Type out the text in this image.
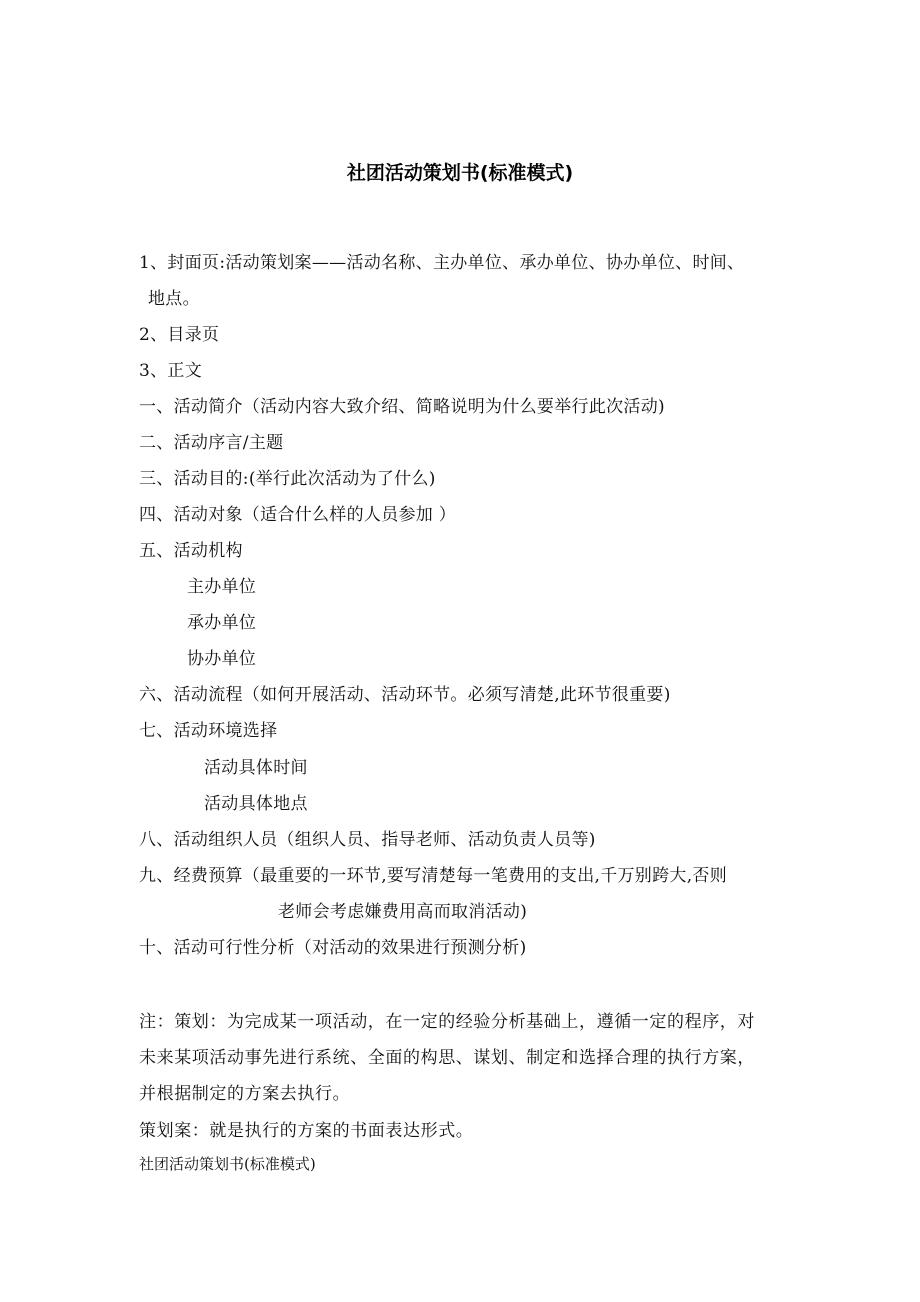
社团活动策划书(标准模式)
1、封面页:活动策划案——活动名称、主办单位、承办单位、协办单位、时间、
地点。
2、目录页
3、正文
一、活动简介（活动内容大致介绍、简略说明为什么要举行此次活动)
二、活动序言/主题
三、活动目的:(举行此次活动为了什么)
四、活动对象（适合什么样的人员参加 ）
五、活动机构
主办单位
承办单位
协办单位
六、活动流程（如何开展活动、活动环节。必须写清楚,此环节很重要)
七、活动环境选择
活动具体时间
活动具体地点
八、活动组织人员（组织人员、指导老师、活动负责人员等)
九、经费预算（最重要的一环节,要写清楚每一笔费用的支出,千万别跨大,否则
老师会考虑嫌费用高而取消活动)
十、活动可行性分析（对活动的效果进行预测分析)
注：策划：为完成某一项活动，在一定的经验分析基础上，遵循一定的程序，对
未来某项活动事先进行系统、全面的构思、谋划、制定和选择合理的执行方案，
并根据制定的方案去执行。
策划案：就是执行的方案的书面表达形式。
社团活动策划书(标准模式)
